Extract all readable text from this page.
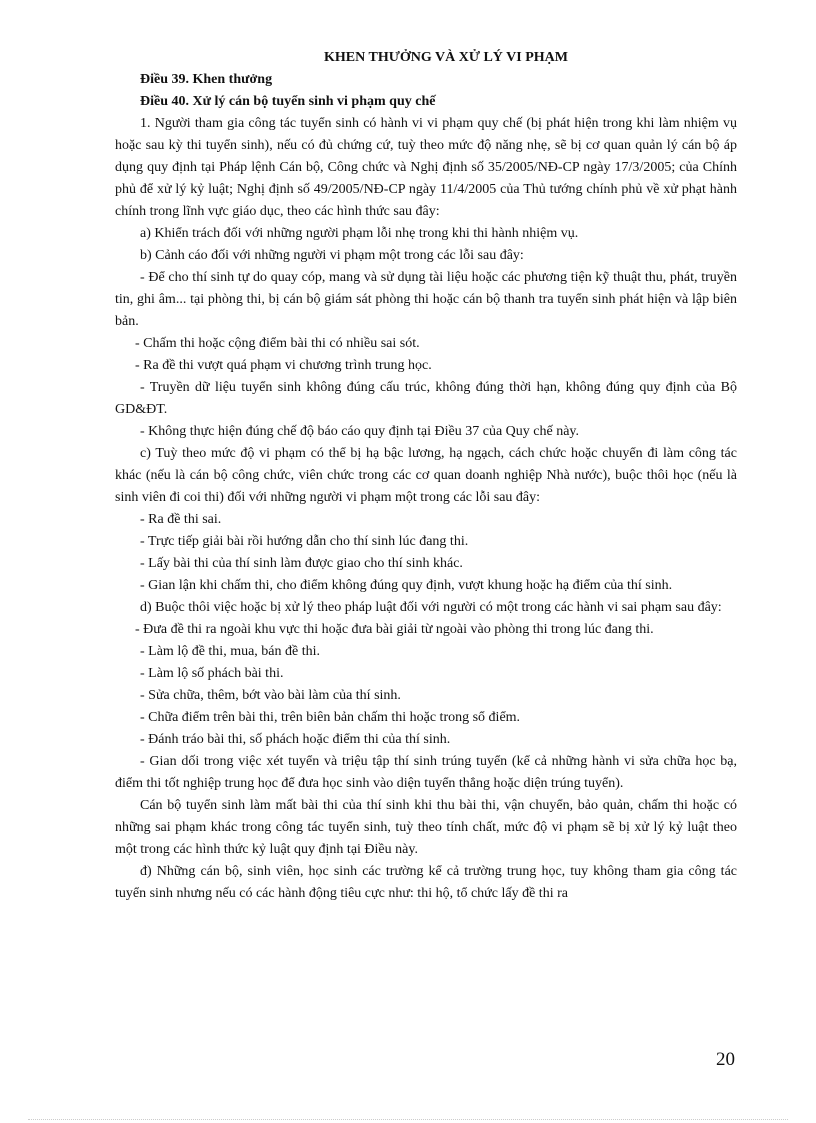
KHEN THƯỞNG VÀ XỬ LÝ VI PHẠM
Điều 39. Khen thưởng
Điều 40. Xử lý cán bộ tuyển sinh vi phạm quy chế

1. Người tham gia công tác tuyển sinh có hành vi vi phạm quy chế (bị phát hiện trong khi làm nhiệm vụ hoặc sau kỳ thi tuyển sinh), nếu có đủ chứng cứ, tuỳ theo mức độ năng nhẹ, sẽ bị cơ quan quản lý cán bộ áp dụng quy định tại Pháp lệnh Cán bộ, Công chức và Nghị định số 35/2005/NĐ-CP ngày 17/3/2005; của Chính phủ để xử lý kỷ luật; Nghị định số 49/2005/NĐ-CP ngày 11/4/2005 của Thủ tướng chính phủ về xử phạt hành chính trong lĩnh vực giáo dục, theo các hình thức sau đây:

a) Khiển trách đối với những người phạm lỗi nhẹ trong khi thi hành nhiệm vụ.

b) Cảnh cáo đối với những người vi phạm một trong các lỗi sau đây:

- Để cho thí sinh tự do quay cóp, mang và sử dụng tài liệu hoặc các phương tiện kỹ thuật thu, phát, truyền tin, ghi âm... tại phòng thi, bị cán bộ giám sát phòng thi hoặc cán bộ thanh tra tuyển sinh phát hiện và lập biên bản.

- Chấm thi hoặc cộng điểm bài thi có nhiều sai sót.

- Ra đề thi vượt quá phạm vi chương trình trung học.

- Truyền dữ liệu tuyển sinh không đúng cấu trúc, không đúng thời hạn, không đúng quy định của Bộ GD&ĐT.

- Không thực hiện đúng chế độ báo cáo quy định tại Điều 37 của Quy chế này.

c) Tuỳ theo mức độ vi phạm có thể bị hạ bậc lương, hạ ngạch, cách chức hoặc chuyển đi làm công tác khác (nếu là cán bộ công chức, viên chức trong các cơ quan doanh nghiệp Nhà nước), buộc thôi học (nếu là sinh viên đi coi thi) đối với những người vi phạm một trong các lỗi sau đây:

- Ra đề thi sai.

- Trực tiếp giải bài rồi hướng dẫn cho thí sinh lúc đang thi.

- Lấy bài thi của thí sinh làm được giao cho thí sinh khác.

- Gian lận khi chấm thi, cho điểm không đúng quy định, vượt khung hoặc hạ điểm của thí sinh.

d) Buộc thôi việc hoặc bị xử lý theo pháp luật đối với người có một trong các hành vi sai phạm sau đây:

- Đưa đề thi ra ngoài khu vực thi hoặc đưa bài giải từ ngoài vào phòng thi trong lúc đang thi.

- Làm lộ đề thi, mua, bán đề thi.

- Làm lộ số phách bài thi.

- Sửa chữa, thêm, bớt vào bài làm của thí sinh.

- Chữa điểm trên bài thi, trên biên bản chấm thi hoặc trong sổ điểm.

- Đánh tráo bài thi, số phách hoặc điểm thi của thí sinh.

- Gian dối trong việc xét tuyển và triệu tập thí sinh trúng tuyển (kể cả những hành vi sửa chữa học bạ, điểm thi tốt nghiệp trung học để đưa học sinh vào diện tuyển thẳng hoặc diện trúng tuyển).

Cán bộ tuyển sinh làm mất bài thi của thí sinh khi thu bài thi, vận chuyển, bảo quản, chấm thi hoặc có những sai phạm khác trong công tác tuyển sinh, tuỳ theo tính chất, mức độ vi phạm sẽ bị xử lý kỷ luật theo một trong các hình thức kỷ luật quy định tại Điều này.

đ) Những cán bộ, sinh viên, học sinh các trường kể cả trường trung học, tuy không tham gia công tác tuyển sinh nhưng nếu có các hành động tiêu cực như: thi hộ, tổ chức lấy đề thi ra

20
